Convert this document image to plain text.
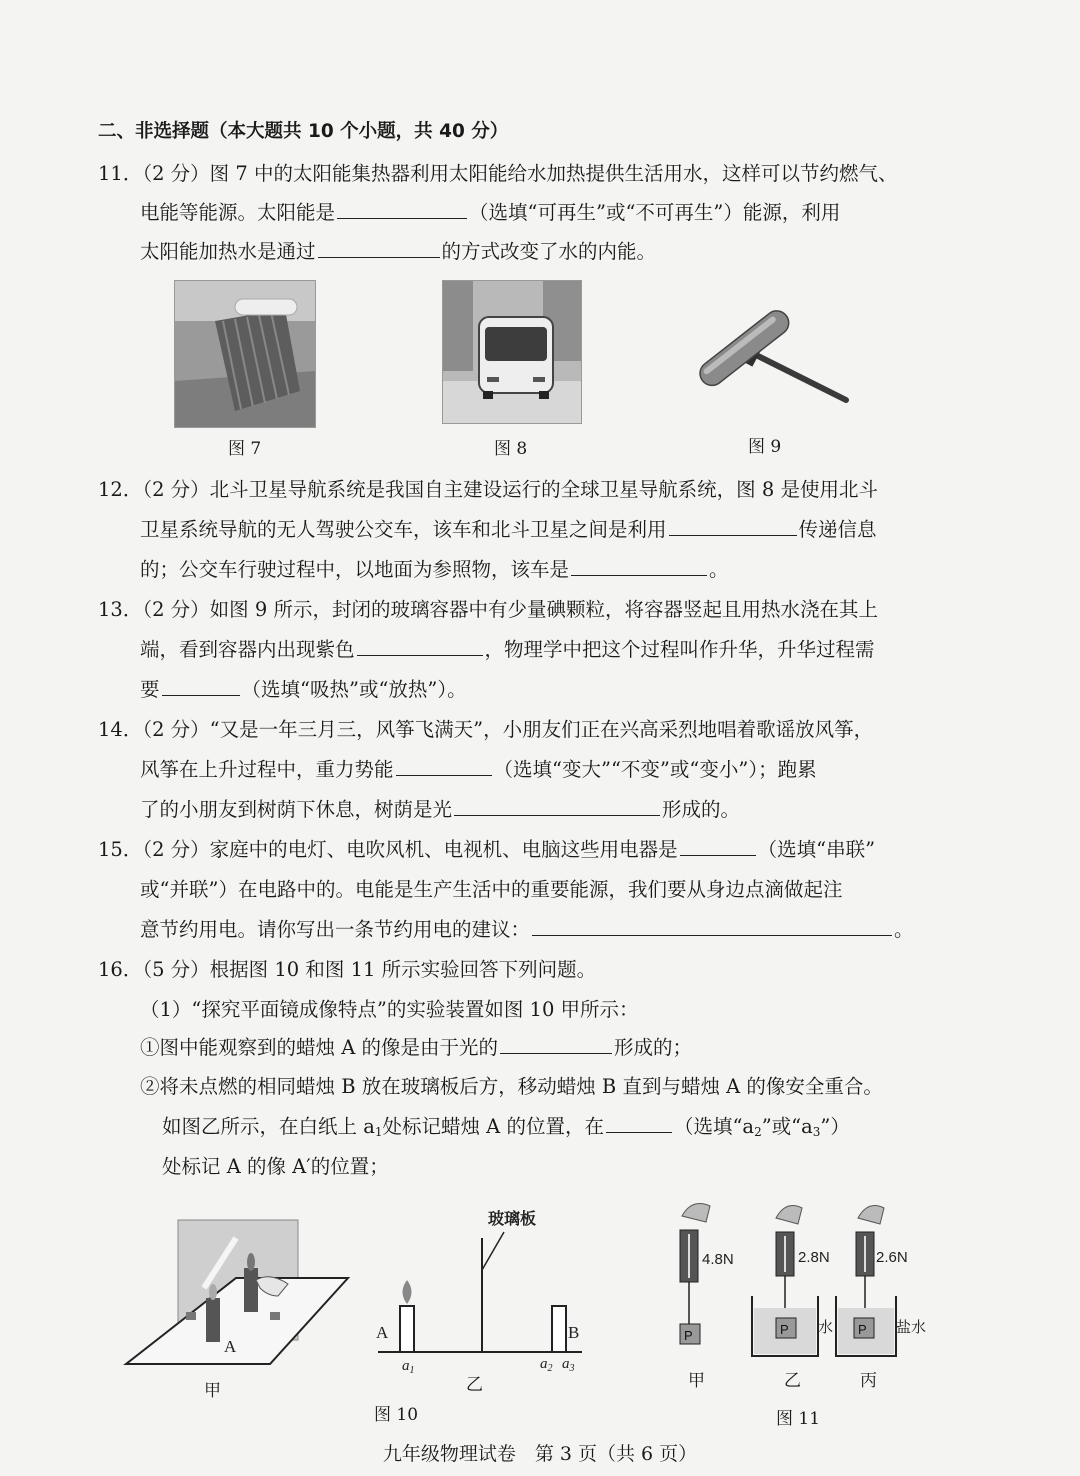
二、非选择题（本大题共 10 个小题，共 40 分）
11．（2 分）图 7 中的太阳能集热器利用太阳能给水加热提供生活用水，这样可以节约燃气、
电能等能源。太阳能是	（选填“可再生”或“不可再生”）能源，利用
太阳能加热水是通过	的方式改变了水的内能。
图 7	图 8	图 9
12．（2 分）北斗卫星导航系统是我国自主建设运行的全球卫星导航系统，图 8 是使用北斗
卫星系统导航的无人驾驶公交车，该车和北斗卫星之间是利用	传递信息
的；公交车行驶过程中，以地面为参照物，该车是	。
13．（2 分）如图 9 所示，封闭的玻璃容器中有少量碘颗粒，将容器竖起且用热水浇在其上
端，看到容器内出现紫色	，物理学中把这个过程叫作升华，升华过程需
要	（选填“吸热”或“放热”）。
14．（2 分）“又是一年三月三，风筝飞满天”，小朋友们正在兴高采烈地唱着歌谣放风筝，
风筝在上升过程中，重力势能	（选填“变大”“不变”或“变小”）；跑累
了的小朋友到树荫下休息，树荫是光	形成的。
15．（2 分）家庭中的电灯、电吹风机、电视机、电脑这些用电器是	（选填“串联”
或“并联”）在电路中的。电能是生产生活中的重要能源，我们要从身边点滴做起注
意节约用电。请你写出一条节约用电的建议：	。
16．（5 分）根据图 10 和图 11 所示实验回答下列问题。
（1）“探究平面镜成像特点”的实验装置如图 10 甲所示：
①图中能观察到的蜡烛 A 的像是由于光的	形成的；
②将未点燃的相同蜡烛 B 放在玻璃板后方，移动蜡烛 B 直到与蜡烛 A 的像安全重合。
如图乙所示，在白纸上 $a_1$处标记蜡烛 A 的位置，在	（选填“$a_2$”或“$a_3$”）
处标记 A 的像 A′的位置；
A
甲
玻璃板
A	B
$a_1$	$a_2$ $a_3$
乙
图 10
P
4.8N
P
2.8N
水 P
2.6N
盐水
甲	乙	丙
图 11
九年级物理试卷　第 3 页（共 6 页）
